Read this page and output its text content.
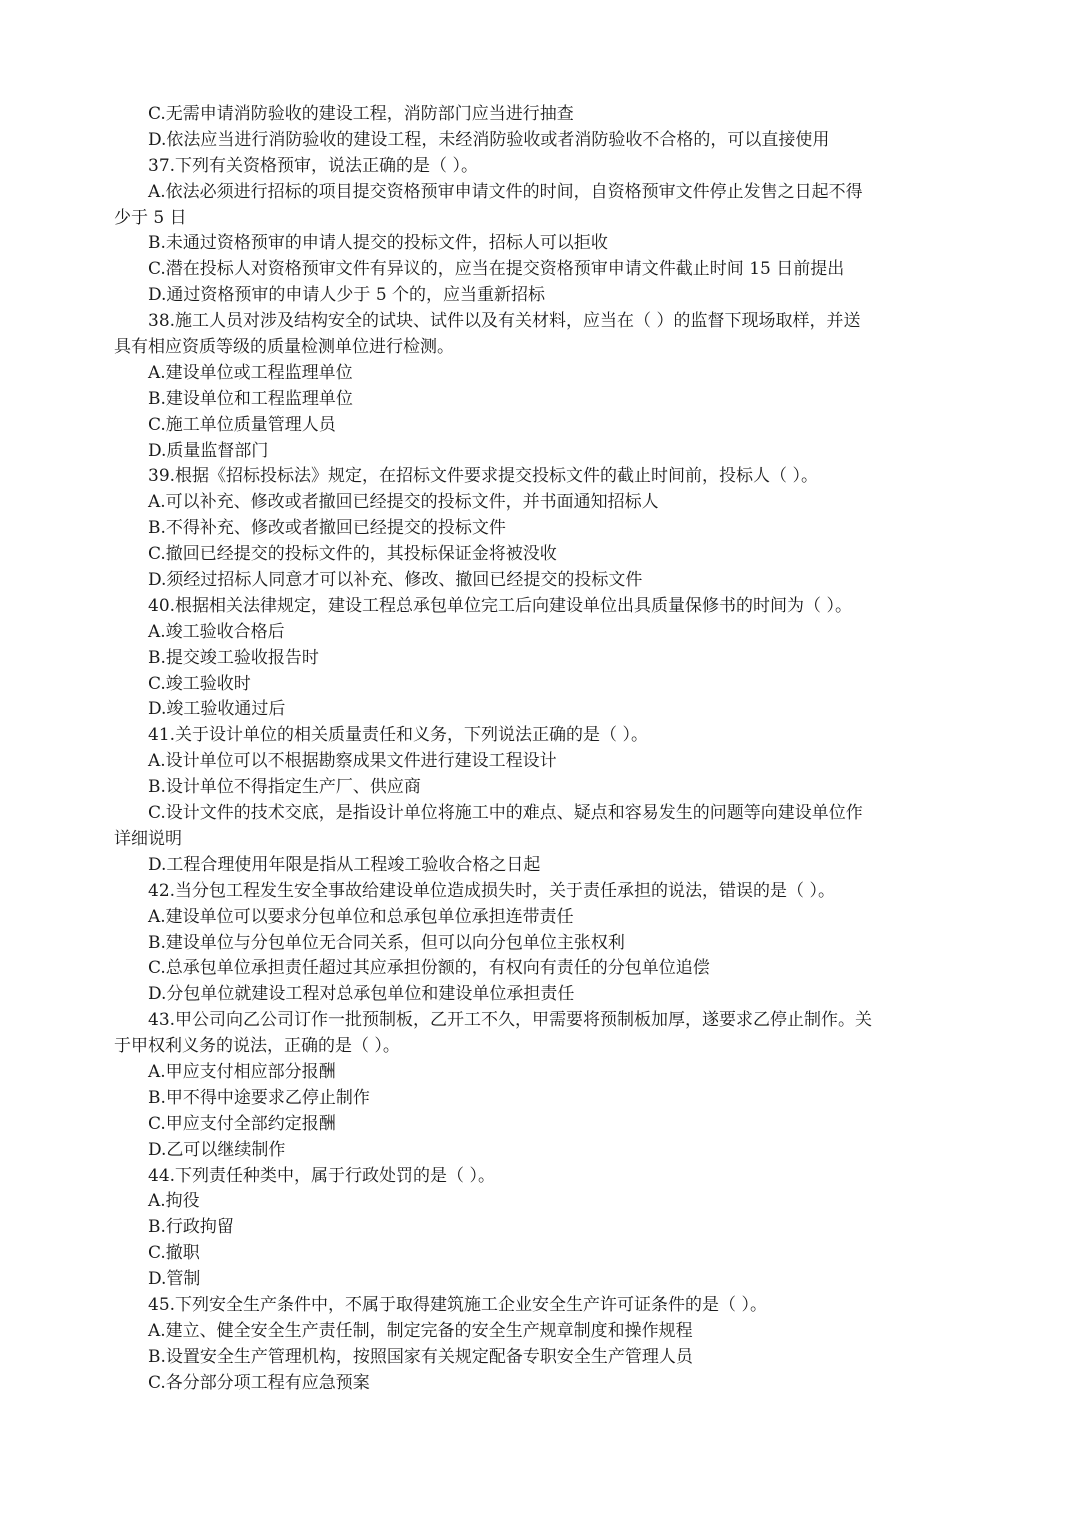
C.无需申请消防验收的建设工程，消防部门应当进行抽查
D.依法应当进行消防验收的建设工程，未经消防验收或者消防验收不合格的，可以直接使用
37.下列有关资格预审，说法正确的是（ ）。
A.依法必须进行招标的项目提交资格预审申请文件的时间，自资格预审文件停止发售之日起不得
少于 5 日
B.未通过资格预审的申请人提交的投标文件，招标人可以拒收
C.潜在投标人对资格预审文件有异议的，应当在提交资格预审申请文件截止时间 15 日前提出
D.通过资格预审的申请人少于 5 个的，应当重新招标
38.施工人员对涉及结构安全的试块、试件以及有关材料，应当在（ ）的监督下现场取样，并送
具有相应资质等级的质量检测单位进行检测。
A.建设单位或工程监理单位
B.建设单位和工程监理单位
C.施工单位质量管理人员
D.质量监督部门
39.根据《招标投标法》规定，在招标文件要求提交投标文件的截止时间前，投标人（ ）。
A.可以补充、修改或者撤回已经提交的投标文件，并书面通知招标人
B.不得补充、修改或者撤回已经提交的投标文件
C.撤回已经提交的投标文件的，其投标保证金将被没收
D.须经过招标人同意才可以补充、修改、撤回已经提交的投标文件
40.根据相关法律规定，建设工程总承包单位完工后向建设单位出具质量保修书的时间为（ ）。
A.竣工验收合格后
B.提交竣工验收报告时
C.竣工验收时
D.竣工验收通过后
41.关于设计单位的相关质量责任和义务，下列说法正确的是（ ）。
A.设计单位可以不根据勘察成果文件进行建设工程设计
B.设计单位不得指定生产厂、供应商
C.设计文件的技术交底，是指设计单位将施工中的难点、疑点和容易发生的问题等向建设单位作
详细说明
D.工程合理使用年限是指从工程竣工验收合格之日起
42.当分包工程发生安全事故给建设单位造成损失时，关于责任承担的说法，错误的是（ ）。
A.建设单位可以要求分包单位和总承包单位承担连带责任
B.建设单位与分包单位无合同关系，但可以向分包单位主张权利
C.总承包单位承担责任超过其应承担份额的，有权向有责任的分包单位追偿
D.分包单位就建设工程对总承包单位和建设单位承担责任
43.甲公司向乙公司订作一批预制板，乙开工不久，甲需要将预制板加厚，遂要求乙停止制作。关
于甲权利义务的说法，正确的是（ ）。
A.甲应支付相应部分报酬
B.甲不得中途要求乙停止制作
C.甲应支付全部约定报酬
D.乙可以继续制作
44.下列责任种类中，属于行政处罚的是（ ）。
A.拘役
B.行政拘留
C.撤职
D.管制
45.下列安全生产条件中，不属于取得建筑施工企业安全生产许可证条件的是（ ）。
A.建立、健全安全生产责任制，制定完备的安全生产规章制度和操作规程
B.设置安全生产管理机构，按照国家有关规定配备专职安全生产管理人员
C.各分部分项工程有应急预案
